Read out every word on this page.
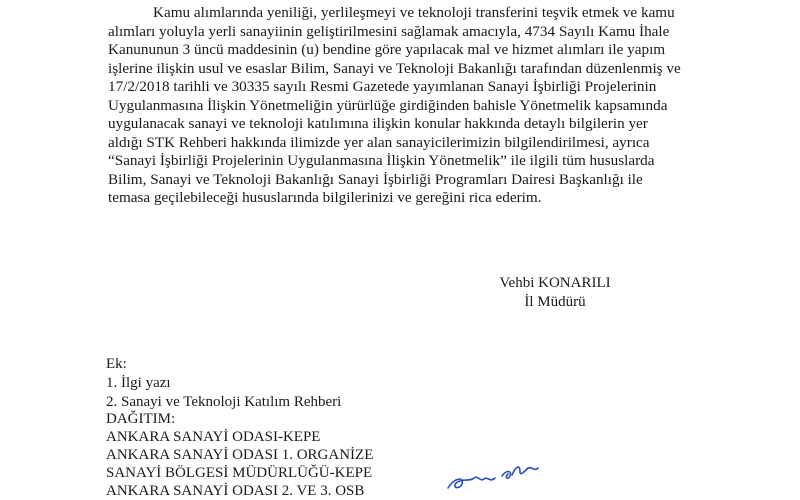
Kamu alımlarında yeniliği, yerlileşmeyi ve teknoloji transferini teşvik etmek ve kamu
alımları yoluyla yerli sanayiinin geliştirilmesini sağlamak amacıyla, 4734 Sayılı Kamu İhale
Kanununun 3 üncü maddesinin (u) bendine göre yapılacak mal ve hizmet alımları ile yapım
işlerine ilişkin usul ve esaslar Bilim, Sanayi ve Teknoloji Bakanlığı tarafından düzenlenmiş ve
17/2/2018 tarihli ve 30335 sayılı Resmi Gazetede yayımlanan Sanayi İşbirliği Projelerinin
Uygulanmasına İlişkin Yönetmeliğin yürürlüğe girdiğinden bahisle Yönetmelik kapsamında
uygulanacak sanayi ve teknoloji katılımına ilişkin konular hakkında detaylı bilgilerin yer
aldığı STK Rehberi hakkında ilimizde yer alan sanayicilerimizin bilgilendirilmesi, ayrıca
“Sanayi İşbirliği Projelerinin Uygulanmasına İlişkin Yönetmelik” ile ilgili tüm hususlarda
Bilim, Sanayi ve Teknoloji Bakanlığı Sanayi İşbirliği Programları Dairesi Başkanlığı ile
temasa geçilebileceği hususlarında bilgilerinizi ve gereğini rica ederim.
Vehbi KONARILI
İl Müdürü
Ek:
1. İlgi yazı
2. Sanayi ve Teknoloji Katılım Rehberi
DAĞITIM:
ANKARA SANAYİ ODASI-KEPE
ANKARA SANAYİ ODASI 1. ORGANİZE
SANAYİ BÖLGESİ MÜDÜRLÜĞÜ-KEPE
ANKARA SANAYİ ODASI 2. VE 3. OSB
